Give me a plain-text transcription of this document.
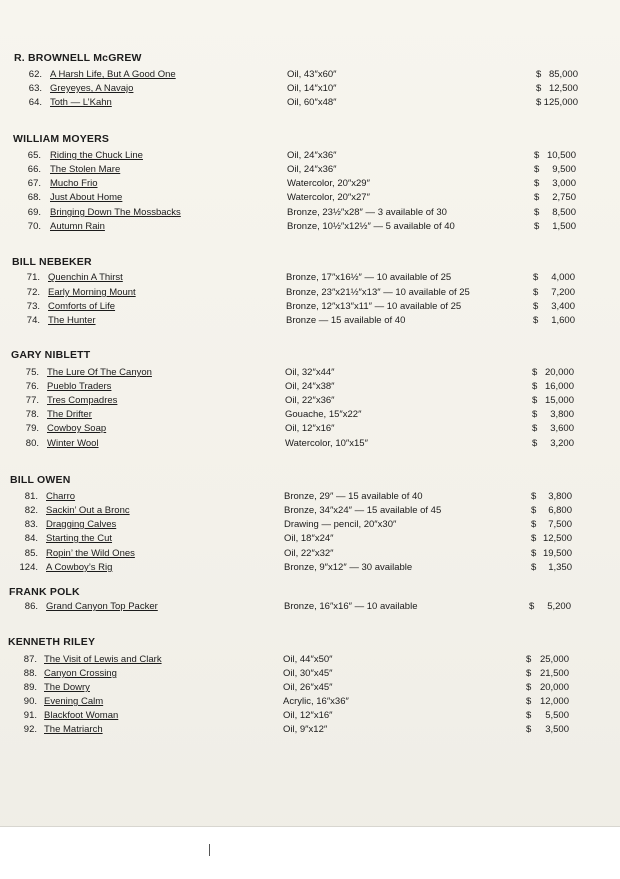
R. BROWNELL McGREW
62. A Harsh Life, But A Good One	Oil, 43″x60″	$ 85,000
63. Greyeyes, A Navajo	Oil, 14″x10″	$ 12,500
64. Toth — L’Kahn	Oil, 60″x48″	$ 125,000
WILLIAM MOYERS
65. Riding the Chuck Line	Oil, 24″x36″	$ 10,500
66. The Stolen Mare	Oil, 24″x36″	$	9,500
67. Mucho Frio	Watercolor, 20″x29″	$	3,000
68. Just About Home	Watercolor, 20″x27″	$	2,750
69. Bringing Down The Mossbacks	Bronze, 23½″x28″ — 3 available of 30	$	8,500
70. Autumn Rain	Bronze, 10½″x12½″ — 5 available of 40	$	1,500
BILL NEBEKER
71. Quenchin A Thirst	Bronze, 17″x16½″ — 10 available of 25	$	4,000
72. Early Morning Mount	Bronze, 23″x21½″x13″ — 10 available of 25	$	7,200
73. Comforts of Life	Bronze, 12″x13″x11″ — 10 available of 25	$	3,400
74. The Hunter	Bronze — 15 available of 40	$	1,600
GARY NIBLETT
75. The Lure Of The Canyon	Oil, 32″x44″	$ 20,000
76. Pueblo Traders	Oil, 24″x38″	$ 16,000
77. Tres Compadres	Oil, 22″x36″	$ 15,000
78. The Drifter	Gouache, 15″x22″	$	3,800
79. Cowboy Soap	Oil, 12″x16″	$	3,600
80. Winter Wool	Watercolor, 10″x15″	$	3,200
BILL OWEN
81. Charro	Bronze, 29″ — 15 available of 40	$	3,800
82. Sackin’ Out a Bronc	Bronze, 34″x24″ — 15 available of 45	$	6,800
83. Dragging Calves	Drawing — pencil, 20″x30″	$	7,500
84. Starting the Cut	Oil, 18″x24″	$ 12,500
85. Ropin’ the Wild Ones	Oil, 22″x32″	$ 19,500
124. A Cowboy’s Rig	Bronze, 9″x12″ — 30 available	$	1,350
FRANK POLK
86. Grand Canyon Top Packer	Bronze, 16″x16″ — 10 available	$	5,200
KENNETH RILEY
87. The Visit of Lewis and Clark	Oil, 44″x50″	$ 25,000
88. Canyon Crossing	Oil, 30″x45″	$ 21,500
89. The Dowry	Oil, 26″x45″	$ 20,000
90. Evening Calm	Acrylic, 16″x36″	$ 12,000
91. Blackfoot Woman	Oil, 12″x16″	$	5,500
92. The Matriarch	Oil, 9″x12″	$	3,500
